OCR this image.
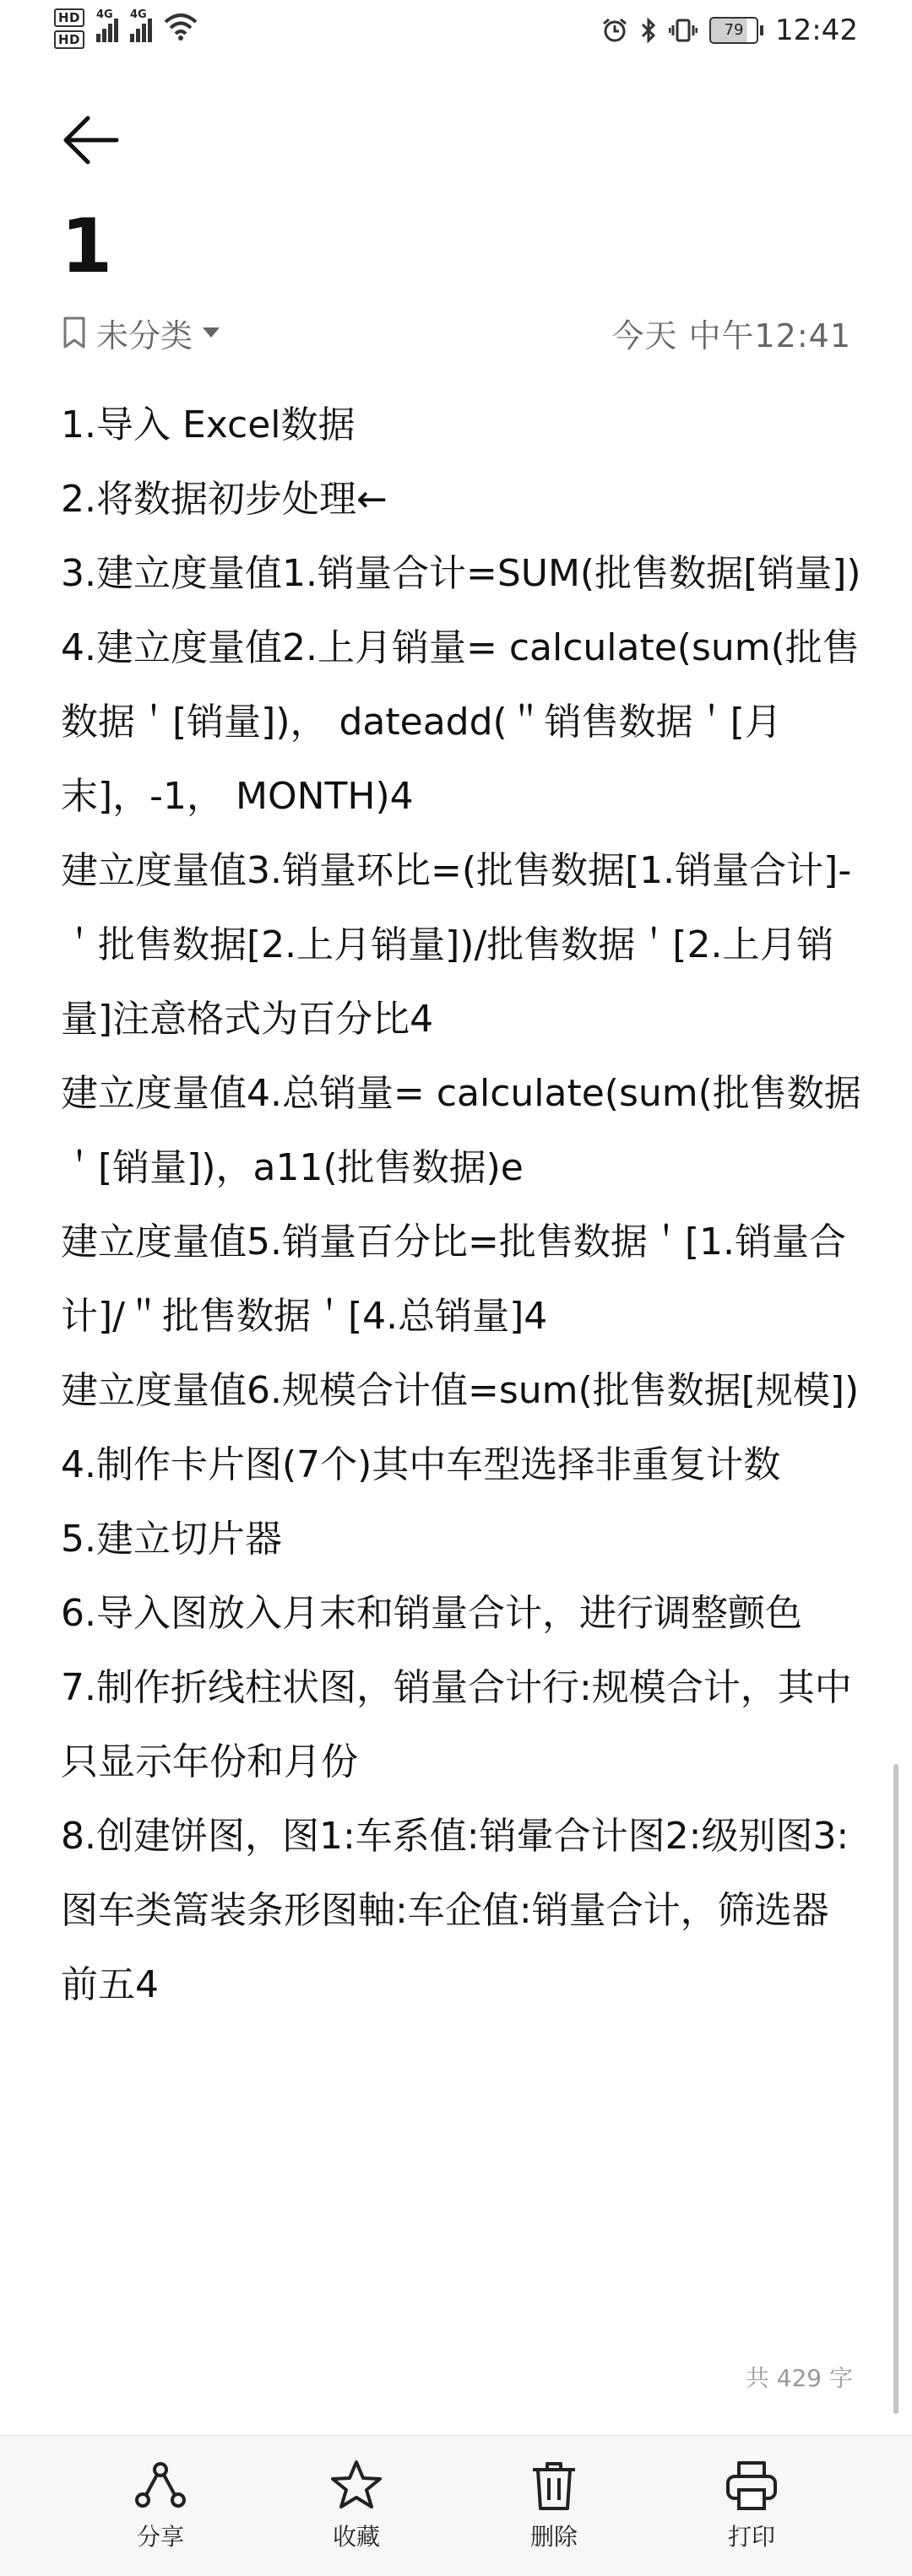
HD
HD
4G 4G
79	12:42
1
未分类	今天 中午12:41

1.导入 Excel数据

2.将数据初步处理←

3.建立度量值1.销量合计=SUM(批售数据[销量])

4.建立度量值2.上月销量= calculate(sum(批售数据＇[销量])， dateadd(＂销售数据＇[月末]，-1， MONTH)4

建立度量值3.销量环比=(批售数据[1.销量合计]-＇批售数据[2.上月销量])/批售数据＇[2.上月销量]注意格式为百分比4

建立度量值4.总销量= calculate(sum(批售数据＇[销量])，a11(批售数据)e

建立度量值5.销量百分比=批售数据＇[1.销量合计]/＂批售数据＇[4.总销量]4

建立度量值6.规模合计值=sum(批售数据[规模])

4.制作卡片图(7个)其中车型选择非重复计数

5.建立切片器

6.导入图放入月末和销量合计，进行调整颤色

7.制作折线柱状图，销量合计行:规模合计，其中只显示年份和月份

8.创建饼图，图1:车系值:销暈合计图2:级别图3:图车类篙装条形图軸:车企值:销量合计，筛选器前五4

共 429 字
分享	收藏	删除	打印
